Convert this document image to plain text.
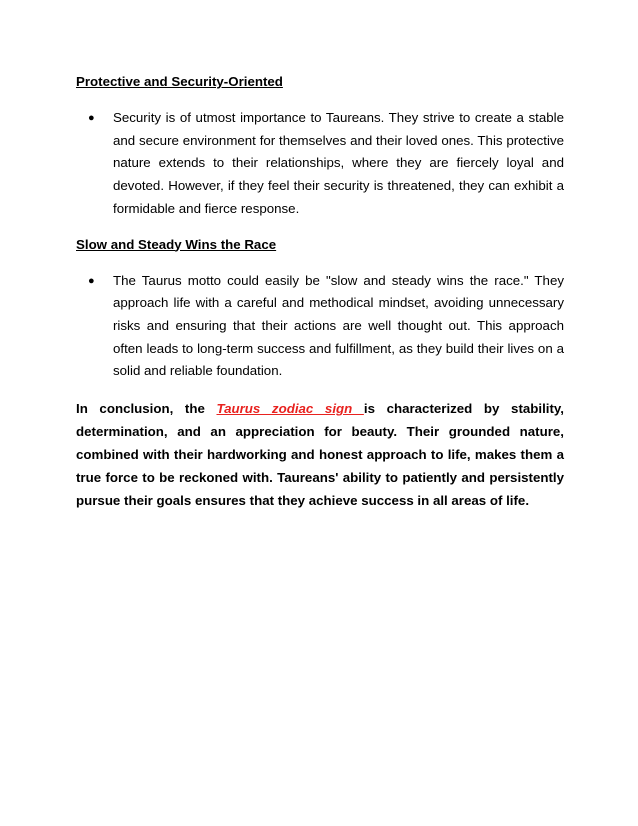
Protective and Security-Oriented

● Security is of utmost importance to Taureans. They strive to create a stable and secure environment for themselves and their loved ones. This protective nature extends to their relationships, where they are fiercely loyal and devoted. However, if they feel their security is threatened, they can exhibit a formidable and fierce response.

Slow and Steady Wins the Race

● The Taurus motto could easily be "slow and steady wins the race." They approach life with a careful and methodical mindset, avoiding unnecessary risks and ensuring that their actions are well thought out. This approach often leads to long-term success and fulfillment, as they build their lives on a solid and reliable foundation.

In conclusion, the Taurus zodiac sign is characterized by stability, determination, and an appreciation for beauty. Their grounded nature, combined with their hardworking and honest approach to life, makes them a true force to be reckoned with. Taureans' ability to patiently and persistently pursue their goals ensures that they achieve success in all areas of life.
